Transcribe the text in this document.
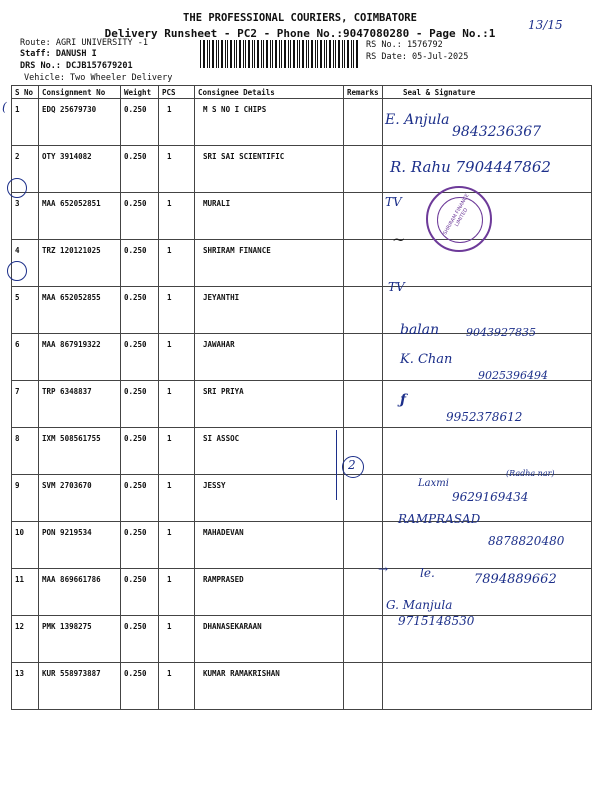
THE PROFESSIONAL COURIERS, COIMBATORE
Delivery Runsheet - PC2 - Phone No.:9047080280 - Page No.:1
13/15
Route: AGRI UNIVERSITY -1
Staff: DANUSH I
DRS No.: DCJB157679201
Vehicle: Two Wheeler Delivery
RS No.: 1576792
RS Date: 05-Jul-2025
S No	Consignment No	Weight	PCS	Consignee Details	Remarks	Seal & Signature
1	EDQ 25679730	0.250	1	M S NO I CHIPS		
2	OTY 3914082	0.250	1	SRI SAI SCIENTIFIC		
3	MAA 652052851	0.250	1	MURALI		
4	TRZ 120121025	0.250	1	SHRIRAM FINANCE		
5	MAA 652052855	0.250	1	JEYANTHI		
6	MAA 867919322	0.250	1	JAWAHAR		
7	TRP 6348837	0.250	1	SRI PRIYA		
8	IXM 508561755	0.250	1	SI ASSOC		
9	SVM 2703670	0.250	1	JESSY		
10	PON 9219534	0.250	1	MAHADEVAN		
11	MAA 869661786	0.250	1	RAMPRASED		
12	PMK 1398275	0.250	1	DHANASEKARAAN		
13	KUR 558973887	0.250	1	KUMAR RAMAKRISHAN		
(
E. Anjula
9843236367
R. Rahu 7904447862
TV
~
SHRIRAM FINANCE LIMITED
TV
balan 9043927835
K. Chan
9025396494
ƒ
9952378612
2
(Radha nar)
Laxmi
9629169434
RAMPRASAD
8878820480
→	le.	7894889662
G. Manjula
9715148530
